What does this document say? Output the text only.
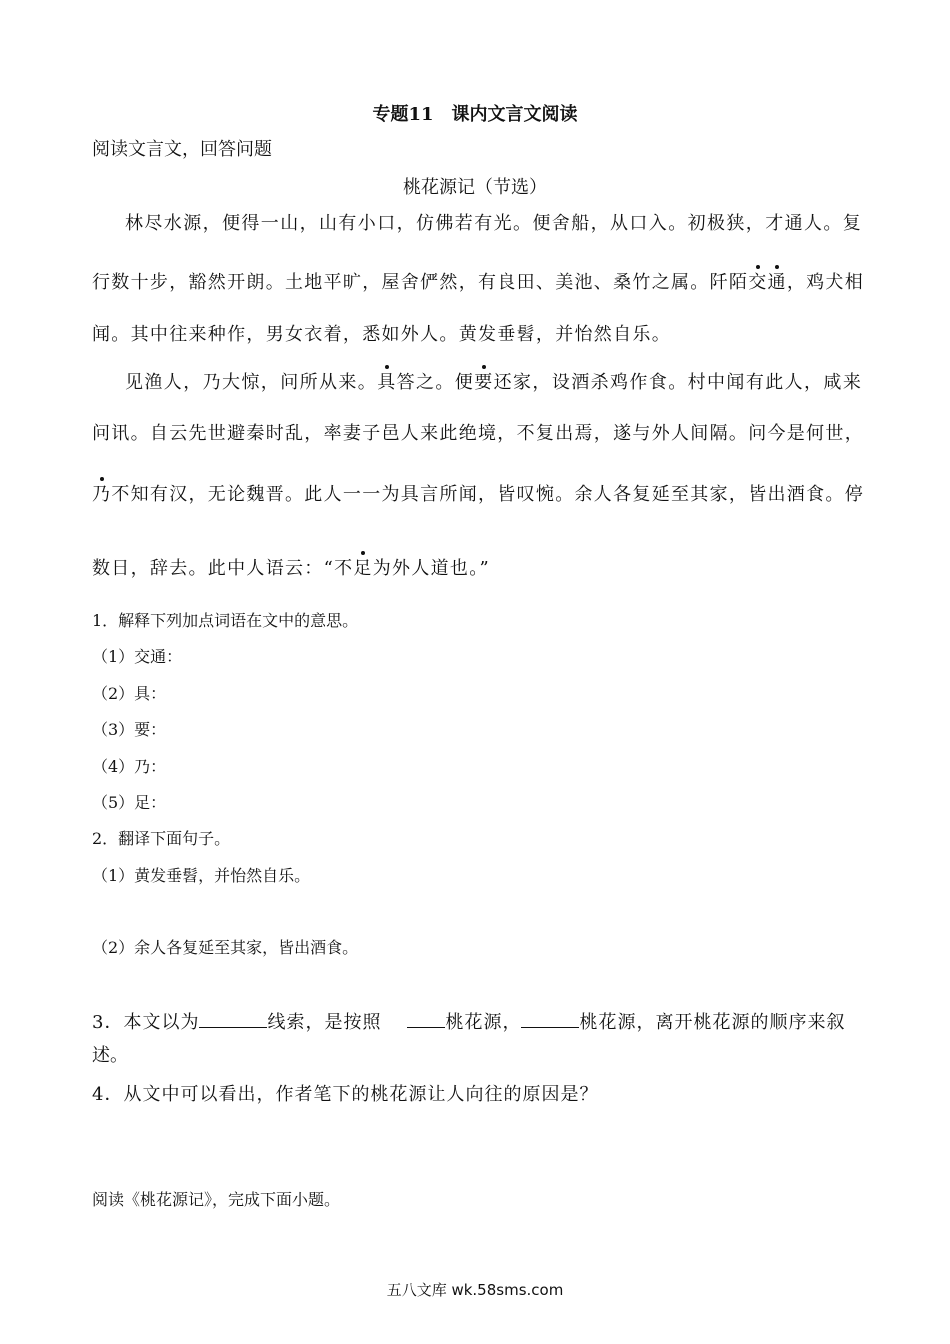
专题11　课内文言文阅读
阅读文言文，回答问题
桃花源记（节选）
林尽水源，便得一山，山有小口，仿佛若有光。便舍船，从口入。初极狭，才通人。复
行数十步，豁然开朗。土地平旷，屋舍俨然，有良田、美池、桑竹之属。阡陌交通，鸡犬相
闻。其中往来种作，男女衣着，悉如外人。黄发垂髫，并怡然自乐。
见渔人，乃大惊，问所从来。具答之。便要还家，设酒杀鸡作食。村中闻有此人，咸来
问讯。自云先世避秦时乱，率妻子邑人来此绝境，不复出焉，遂与外人间隔。问今是何世，
乃不知有汉，无论魏晋。此人一一为具言所闻，皆叹惋。余人各复延至其家，皆出酒食。停
数日，辞去。此中人语云：“不足为外人道也。”
1．解释下列加点词语在文中的意思。
（1）交通：
（2）具：
（3）要：
（4）乃：
（5）足：
2．翻译下面句子。
（1）黄发垂髫，并怡然自乐。
（2）余人各复延至其家，皆出酒食。
3．本文以为	线索，是按照	桃花源，	桃花源，离开桃花源的顺序来叙
述。
4．从文中可以看出，作者笔下的桃花源让人向往的原因是？
阅读《桃花源记》，完成下面小题。
五八文库 wk.58sms.com
